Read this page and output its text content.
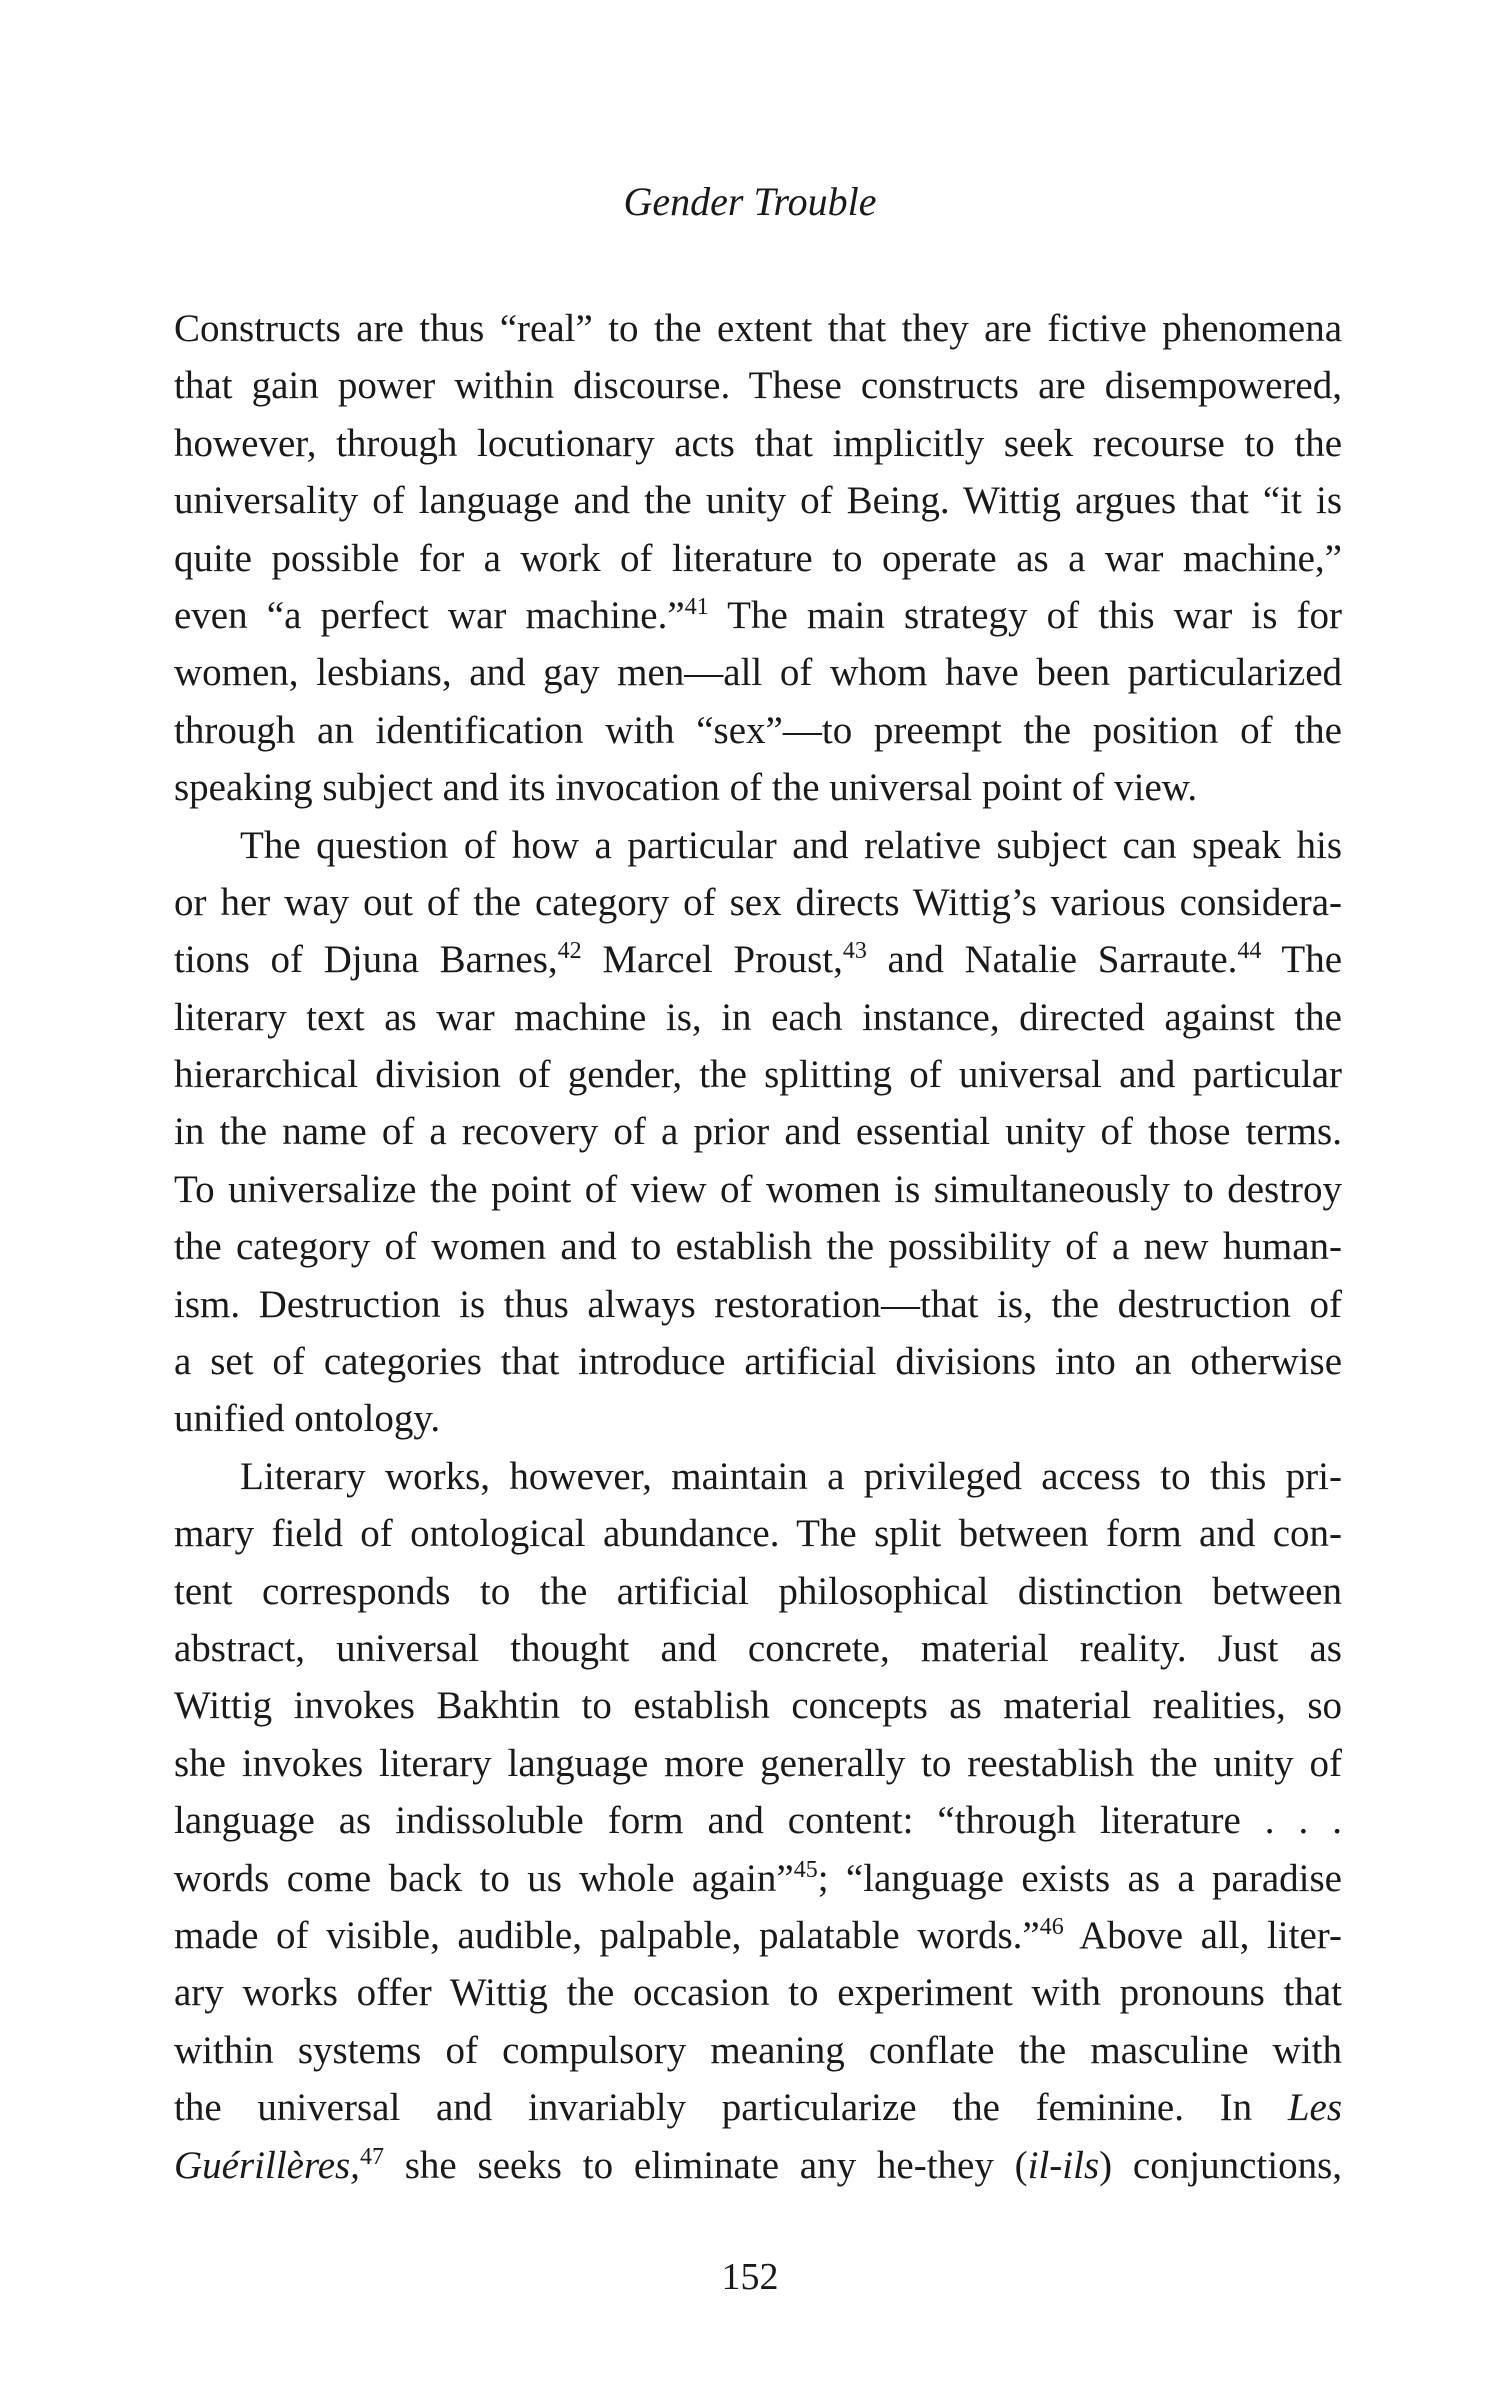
Gender Trouble
Constructs are thus “real” to the extent that they are fictive phenomena
that gain power within discourse. These constructs are disempowered,
however, through locutionary acts that implicitly seek recourse to the
universality of language and the unity of Being. Wittig argues that “it is
quite possible for a work of literature to operate as a war machine,”
even “a perfect war machine.”$^{41}$ The main strategy of this war is for
women, lesbians, and gay men—all of whom have been particularized
through an identification with “sex”—to preempt the position of the
speaking subject and its invocation of the universal point of view.
The question of how a particular and relative subject can speak his
or her way out of the category of sex directs Wittig’s various considera-
tions of Djuna Barnes,$^{42}$ Marcel Proust,$^{43}$ and Natalie Sarraute.$^{44}$ The
literary text as war machine is, in each instance, directed against the
hierarchical division of gender, the splitting of universal and particular
in the name of a recovery of a prior and essential unity of those terms.
To universalize the point of view of women is simultaneously to destroy
the category of women and to establish the possibility of a new human-
ism. Destruction is thus always restoration—that is, the destruction of
a set of categories that introduce artificial divisions into an otherwise
unified ontology.
Literary works, however, maintain a privileged access to this pri-
mary field of ontological abundance. The split between form and con-
tent corresponds to the artificial philosophical distinction between
abstract, universal thought and concrete, material reality. Just as
Wittig invokes Bakhtin to establish concepts as material realities, so
she invokes literary language more generally to reestablish the unity of
language as indissoluble form and content: “through literature . . .
words come back to us whole again”$^{45}$; “language exists as a paradise
made of visible, audible, palpable, palatable words.”$^{46}$ Above all, liter-
ary works offer Wittig the occasion to experiment with pronouns that
within systems of compulsory meaning conflate the masculine with
the universal and invariably particularize the feminine. In Les
Guérillères,$^{47}$ she seeks to eliminate any he-they (il-ils) conjunctions,
152
